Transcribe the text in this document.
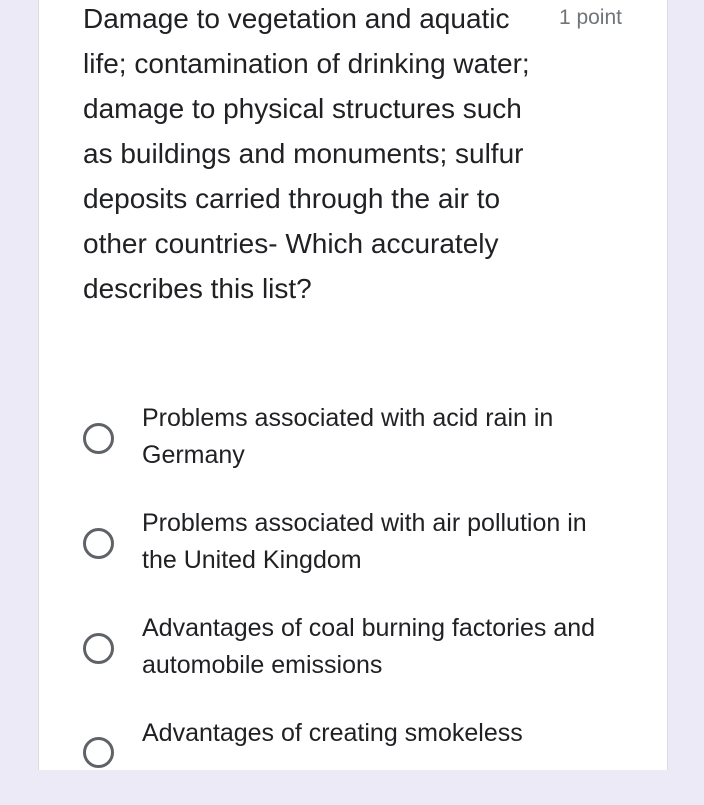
Damage to vegetation and aquatic life; contamination of drinking water; damage to physical structures such as buildings and monuments; sulfur deposits carried through the air to other countries- Which accurately describes this list?

1 point
Problems associated with acid rain in Germany
Problems associated with air pollution in the United Kingdom
Advantages of coal burning factories and automobile emissions
Advantages of creating smokeless
